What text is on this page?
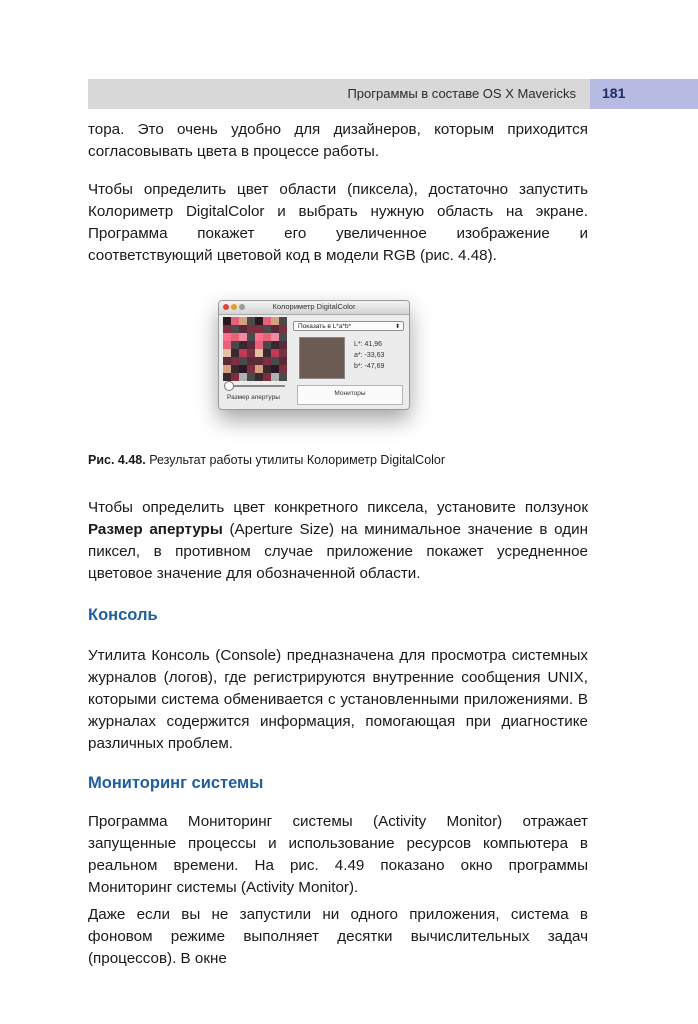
Программы в составе OS X Mavericks 181

тора. Это очень удобно для дизайнеров, которым приходится согласовывать цвета в процессе работы.

Чтобы определить цвет области (пиксела), достаточно запустить Колориметр DigitalColor и выбрать нужную область на экране. Программа покажет его увеличенное изображение и соответствующий цветовой код в модели RGB (рис. 4.48).

Колориметр DigitalColor
Размер апертуры
Показать в L*a*b*	⬍
L*: 41,96
a*: -33,63
b*: -47,69
Мониторы
Рис. 4.48. Результат работы утилиты Колориметр DigitalColor

Чтобы определить цвет конкретного пиксела, установите ползунок Размер апертуры (Aperture Size) на минимальное значение в один пиксел, в противном случае приложение покажет усредненное цветовое значение для обозначенной области.

Консоль

Утилита Консоль (Console) предназначена для просмотра системных журналов (логов), где регистрируются внутренние сообщения UNIX, которыми система обменивается с установленными приложениями. В журналах содержится информация, помогающая при диагностике различных проблем.

Мониторинг системы

Программа Мониторинг системы (Activity Monitor) отражает запущенные процессы и использование ресурсов компьютера в реальном времени. На рис. 4.49 показано окно программы Мониторинг системы (Activity Monitor).

Даже если вы не запустили ни одного приложения, система в фоновом режиме выполняет десятки вычислительных задач (процессов). В окне
